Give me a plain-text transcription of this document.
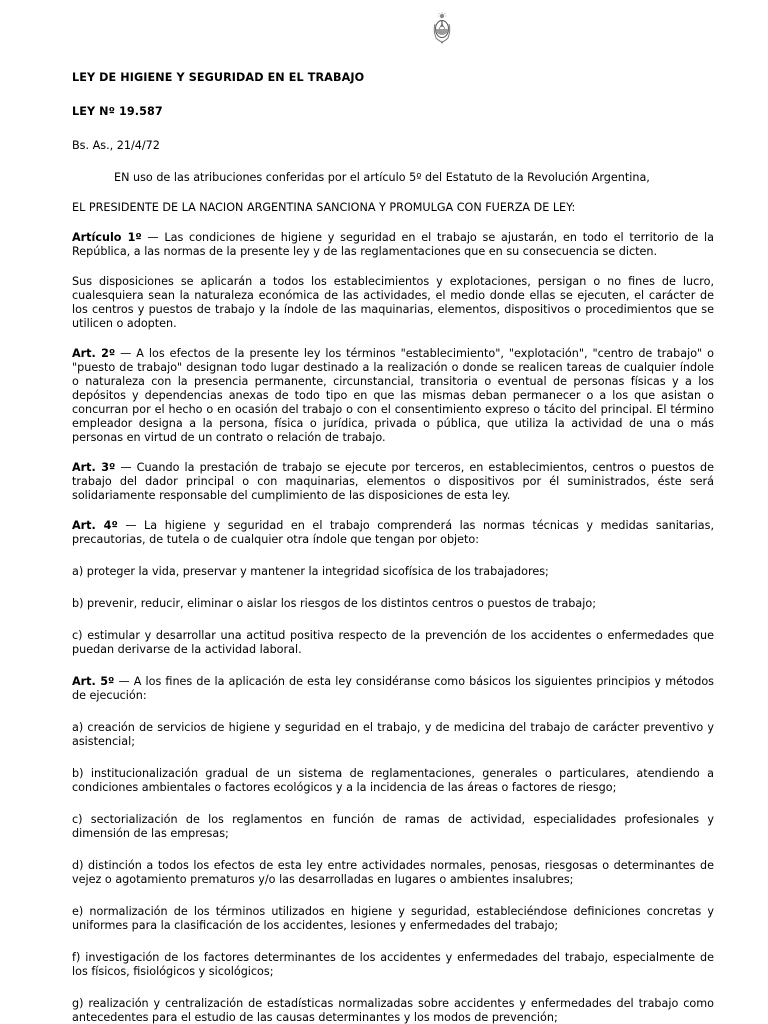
LEY DE HIGIENE Y SEGURIDAD EN EL TRABAJO
LEY Nº 19.587
Bs. As., 21/4/72

EN uso de las atribuciones conferidas por el artículo 5º del Estatuto de la Revolución Argentina,

EL PRESIDENTE DE LA NACION ARGENTINA SANCIONA Y PROMULGA CON FUERZA DE LEY:

Artículo 1º — Las condiciones de higiene y seguridad en el trabajo se ajustarán, en todo el territorio de la República, a las normas de la presente ley y de las reglamentaciones que en su consecuencia se dicten.

Sus disposiciones se aplicarán a todos los establecimientos y explotaciones, persigan o no fines de lucro, cualesquiera sean la naturaleza económica de las actividades, el medio donde ellas se ejecuten, el carácter de los centros y puestos de trabajo y la índole de las maquinarias, elementos, dispositivos o procedimientos que se utilicen o adopten.

Art. 2º — A los efectos de la presente ley los términos "establecimiento", "explotación", "centro de trabajo" o "puesto de trabajo" designan todo lugar destinado a la realización o donde se realicen tareas de cualquier índole o naturaleza con la presencia permanente, circunstancial, transitoria o eventual de personas físicas y a los depósitos y dependencias anexas de todo tipo en que las mismas deban permanecer o a los que asistan o concurran por el hecho o en ocasión del trabajo o con el consentimiento expreso o tácito del principal. El término empleador designa a la persona, física o jurídica, privada o pública, que utiliza la actividad de una o más personas en virtud de un contrato o relación de trabajo.

Art. 3º — Cuando la prestación de trabajo se ejecute por terceros, en establecimientos, centros o puestos de trabajo del dador principal o con maquinarias, elementos o dispositivos por él suministrados, éste será solidariamente responsable del cumplimiento de las disposiciones de esta ley.

Art. 4º — La higiene y seguridad en el trabajo comprenderá las normas técnicas y medidas sanitarias, precautorias, de tutela o de cualquier otra índole que tengan por objeto:

a) proteger la vida, preservar y mantener la integridad sicofísica de los trabajadores;

b) prevenir, reducir, eliminar o aislar los riesgos de los distintos centros o puestos de trabajo;

c) estimular y desarrollar una actitud positiva respecto de la prevención de los accidentes o enfermedades que puedan derivarse de la actividad laboral.

Art. 5º — A los fines de la aplicación de esta ley considéranse como básicos los siguientes principios y métodos de ejecución:

a) creación de servicios de higiene y seguridad en el trabajo, y de medicina del trabajo de carácter preventivo y asistencial;

b) institucionalización gradual de un sistema de reglamentaciones, generales o particulares, atendiendo a condiciones ambientales o factores ecológicos y a la incidencia de las áreas o factores de riesgo;

c) sectorialización de los reglamentos en función de ramas de actividad, especialidades profesionales y dimensión de las empresas;

d) distinción a todos los efectos de esta ley entre actividades normales, penosas, riesgosas o determinantes de vejez o agotamiento prematuros y/o las desarrolladas en lugares o ambientes insalubres;

e) normalización de los términos utilizados en higiene y seguridad, estableciéndose definiciones concretas y uniformes para la clasificación de los accidentes, lesiones y enfermedades del trabajo;

f) investigación de los factores determinantes de los accidentes y enfermedades del trabajo, especialmente de los físicos, fisiológicos y sicológicos;

g) realización y centralización de estadísticas normalizadas sobre accidentes y enfermedades del trabajo como antecedentes para el estudio de las causas determinantes y los modos de prevención;
